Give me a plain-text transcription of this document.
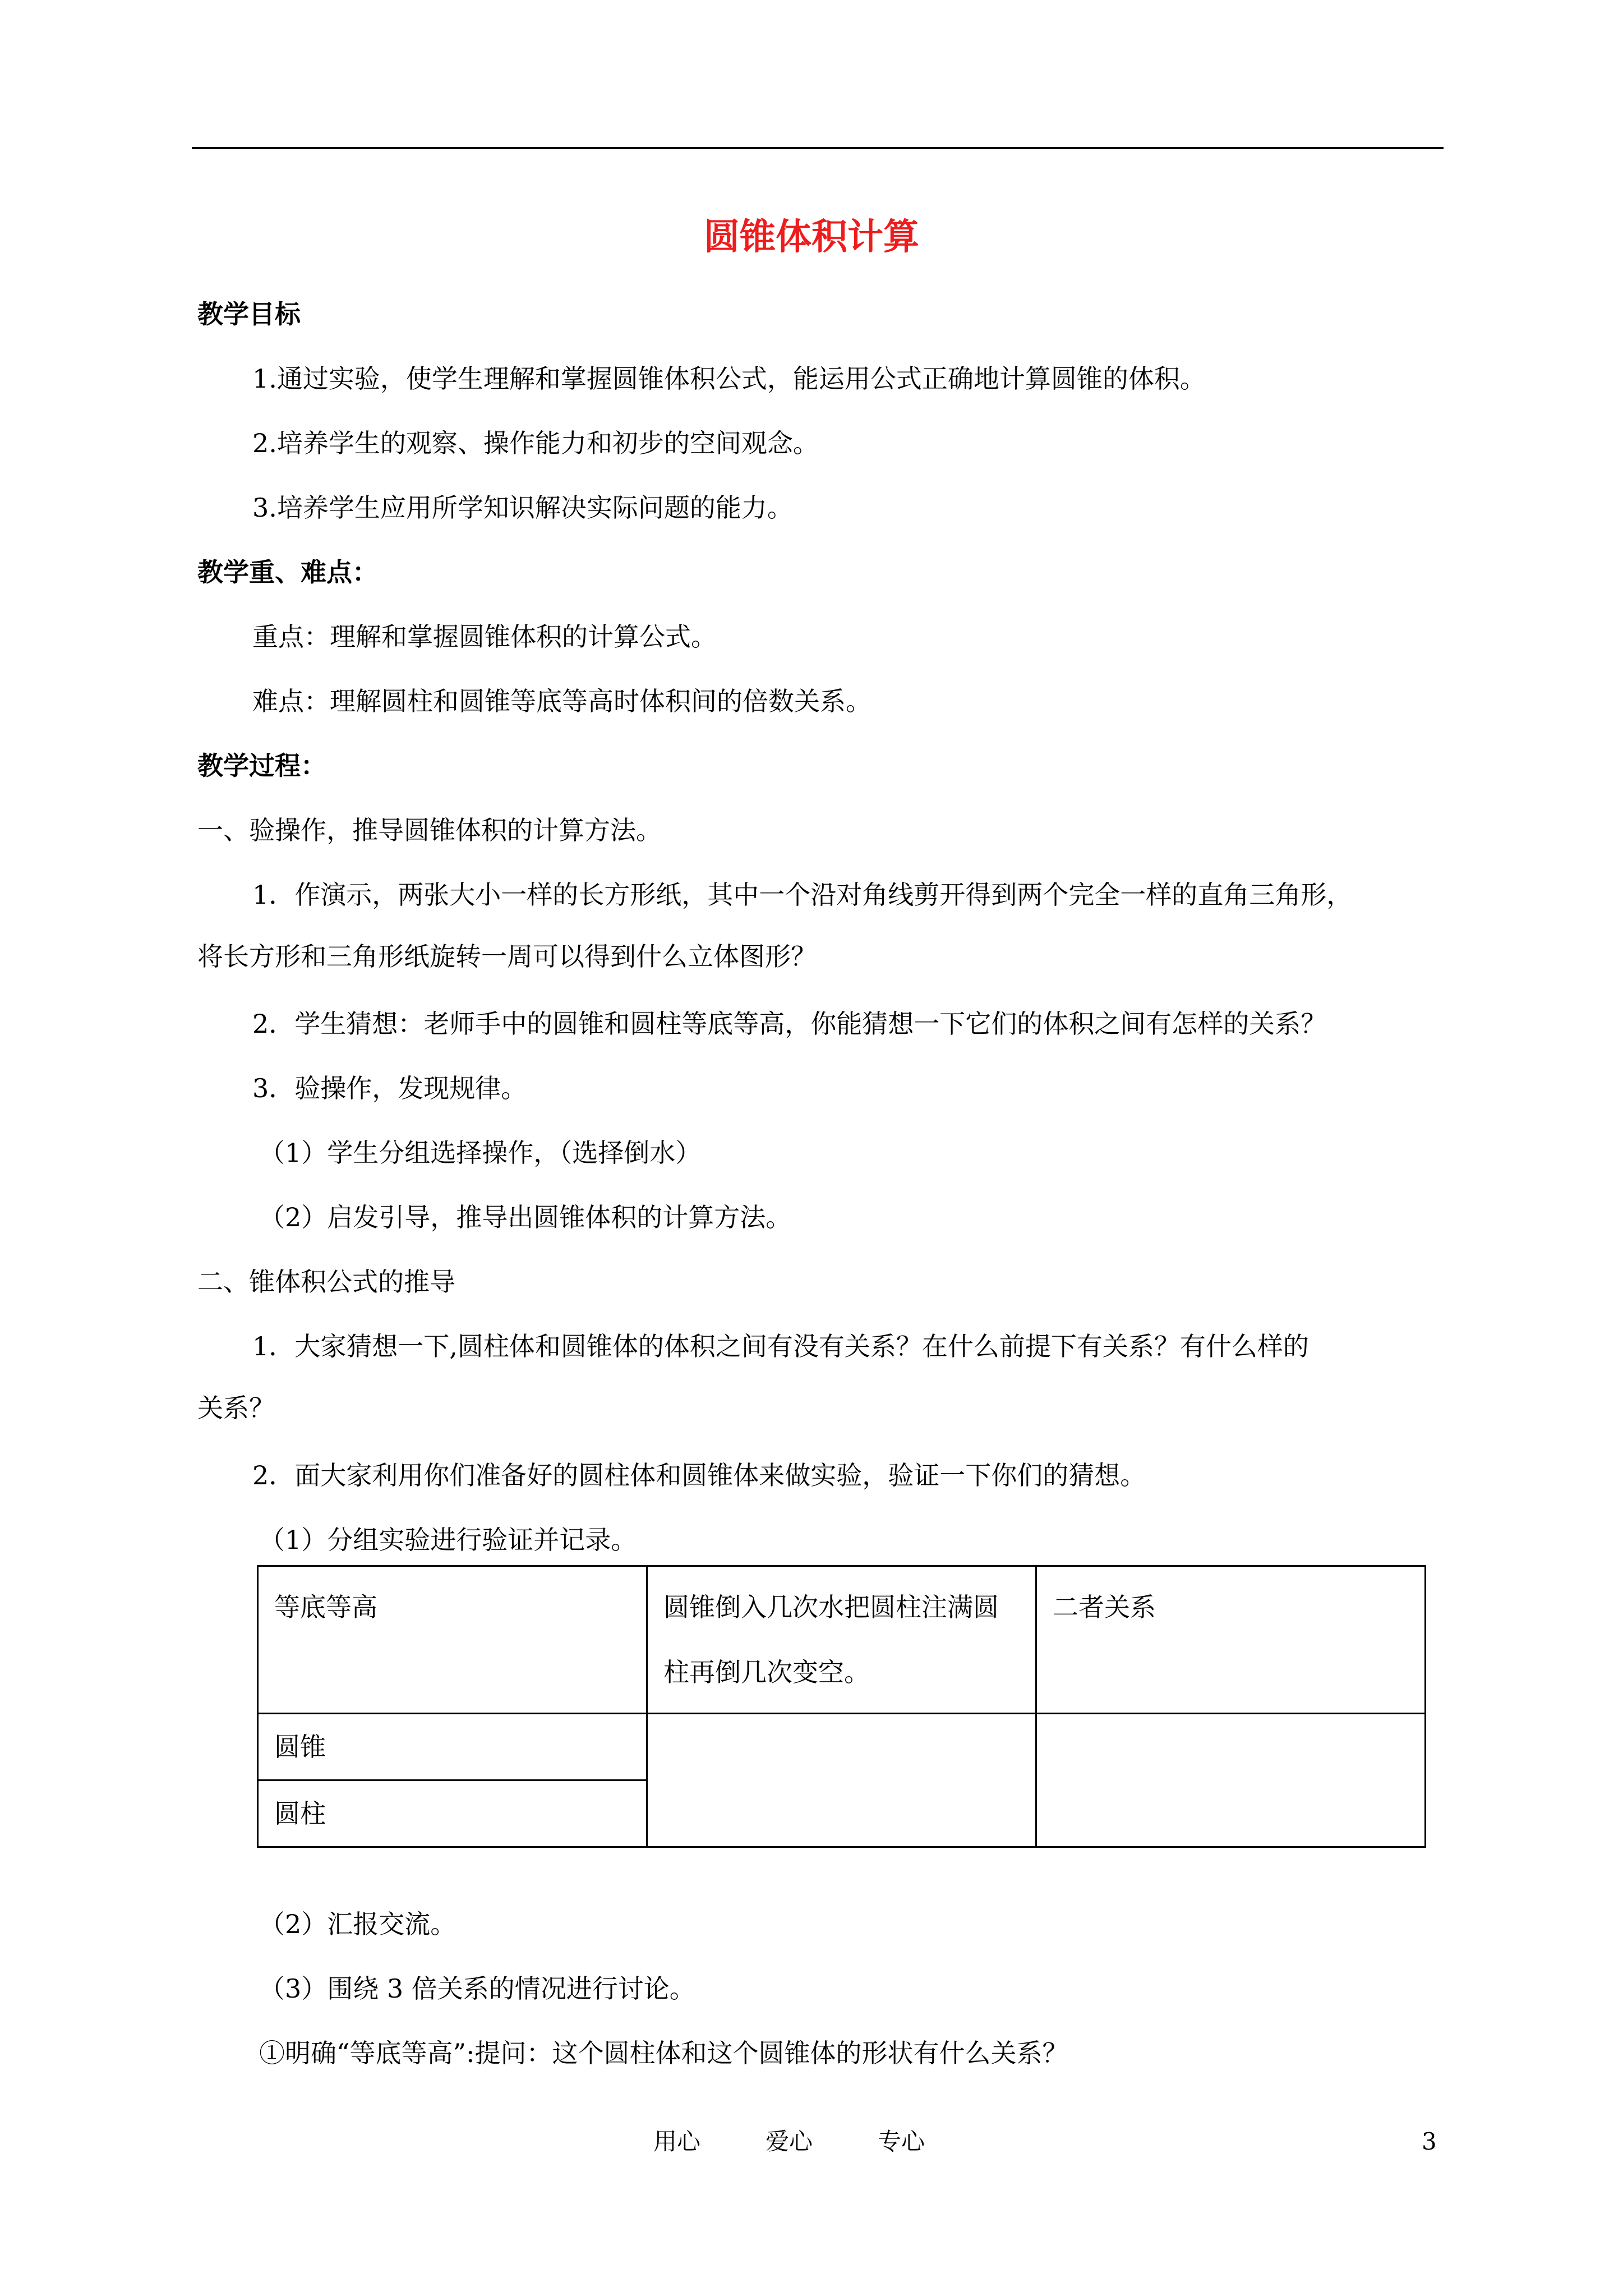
圆锥体积计算
教学目标
1.通过实验，使学生理解和掌握圆锥体积公式，能运用公式正确地计算圆锥的体积。
2.培养学生的观察、操作能力和初步的空间观念。
3.培养学生应用所学知识解决实际问题的能力。
教学重、难点：
重点：理解和掌握圆锥体积的计算公式。
难点：理解圆柱和圆锥等底等高时体积间的倍数关系。
教学过程：
一、验操作，推导圆锥体积的计算方法。
1．作演示，两张大小一样的长方形纸，其中一个沿对角线剪开得到两个完全一样的直角三角形，
将长方形和三角形纸旋转一周可以得到什么立体图形？
2．学生猜想：老师手中的圆锥和圆柱等底等高，你能猜想一下它们的体积之间有怎样的关系？
3．验操作，发现规律。
（1）学生分组选择操作，（选择倒水）
（2）启发引导，推导出圆锥体积的计算方法。
二、锥体积公式的推导
1．大家猜想一下,圆柱体和圆锥体的体积之间有没有关系？在什么前提下有关系？有什么样的
关系？
2．面大家利用你们准备好的圆柱体和圆锥体来做实验，验证一下你们的猜想。
（1）分组实验进行验证并记录。
等底等高	圆锥倒入几次水把圆柱注满圆柱再倒几次变空。	二者关系
圆锥		
圆柱		
（2）汇报交流。
（3）围绕 3 倍关系的情况进行讨论。
①明确“等底等高”:提问：这个圆柱体和这个圆锥体的形状有什么关系？
用心	爱心	专心	3
